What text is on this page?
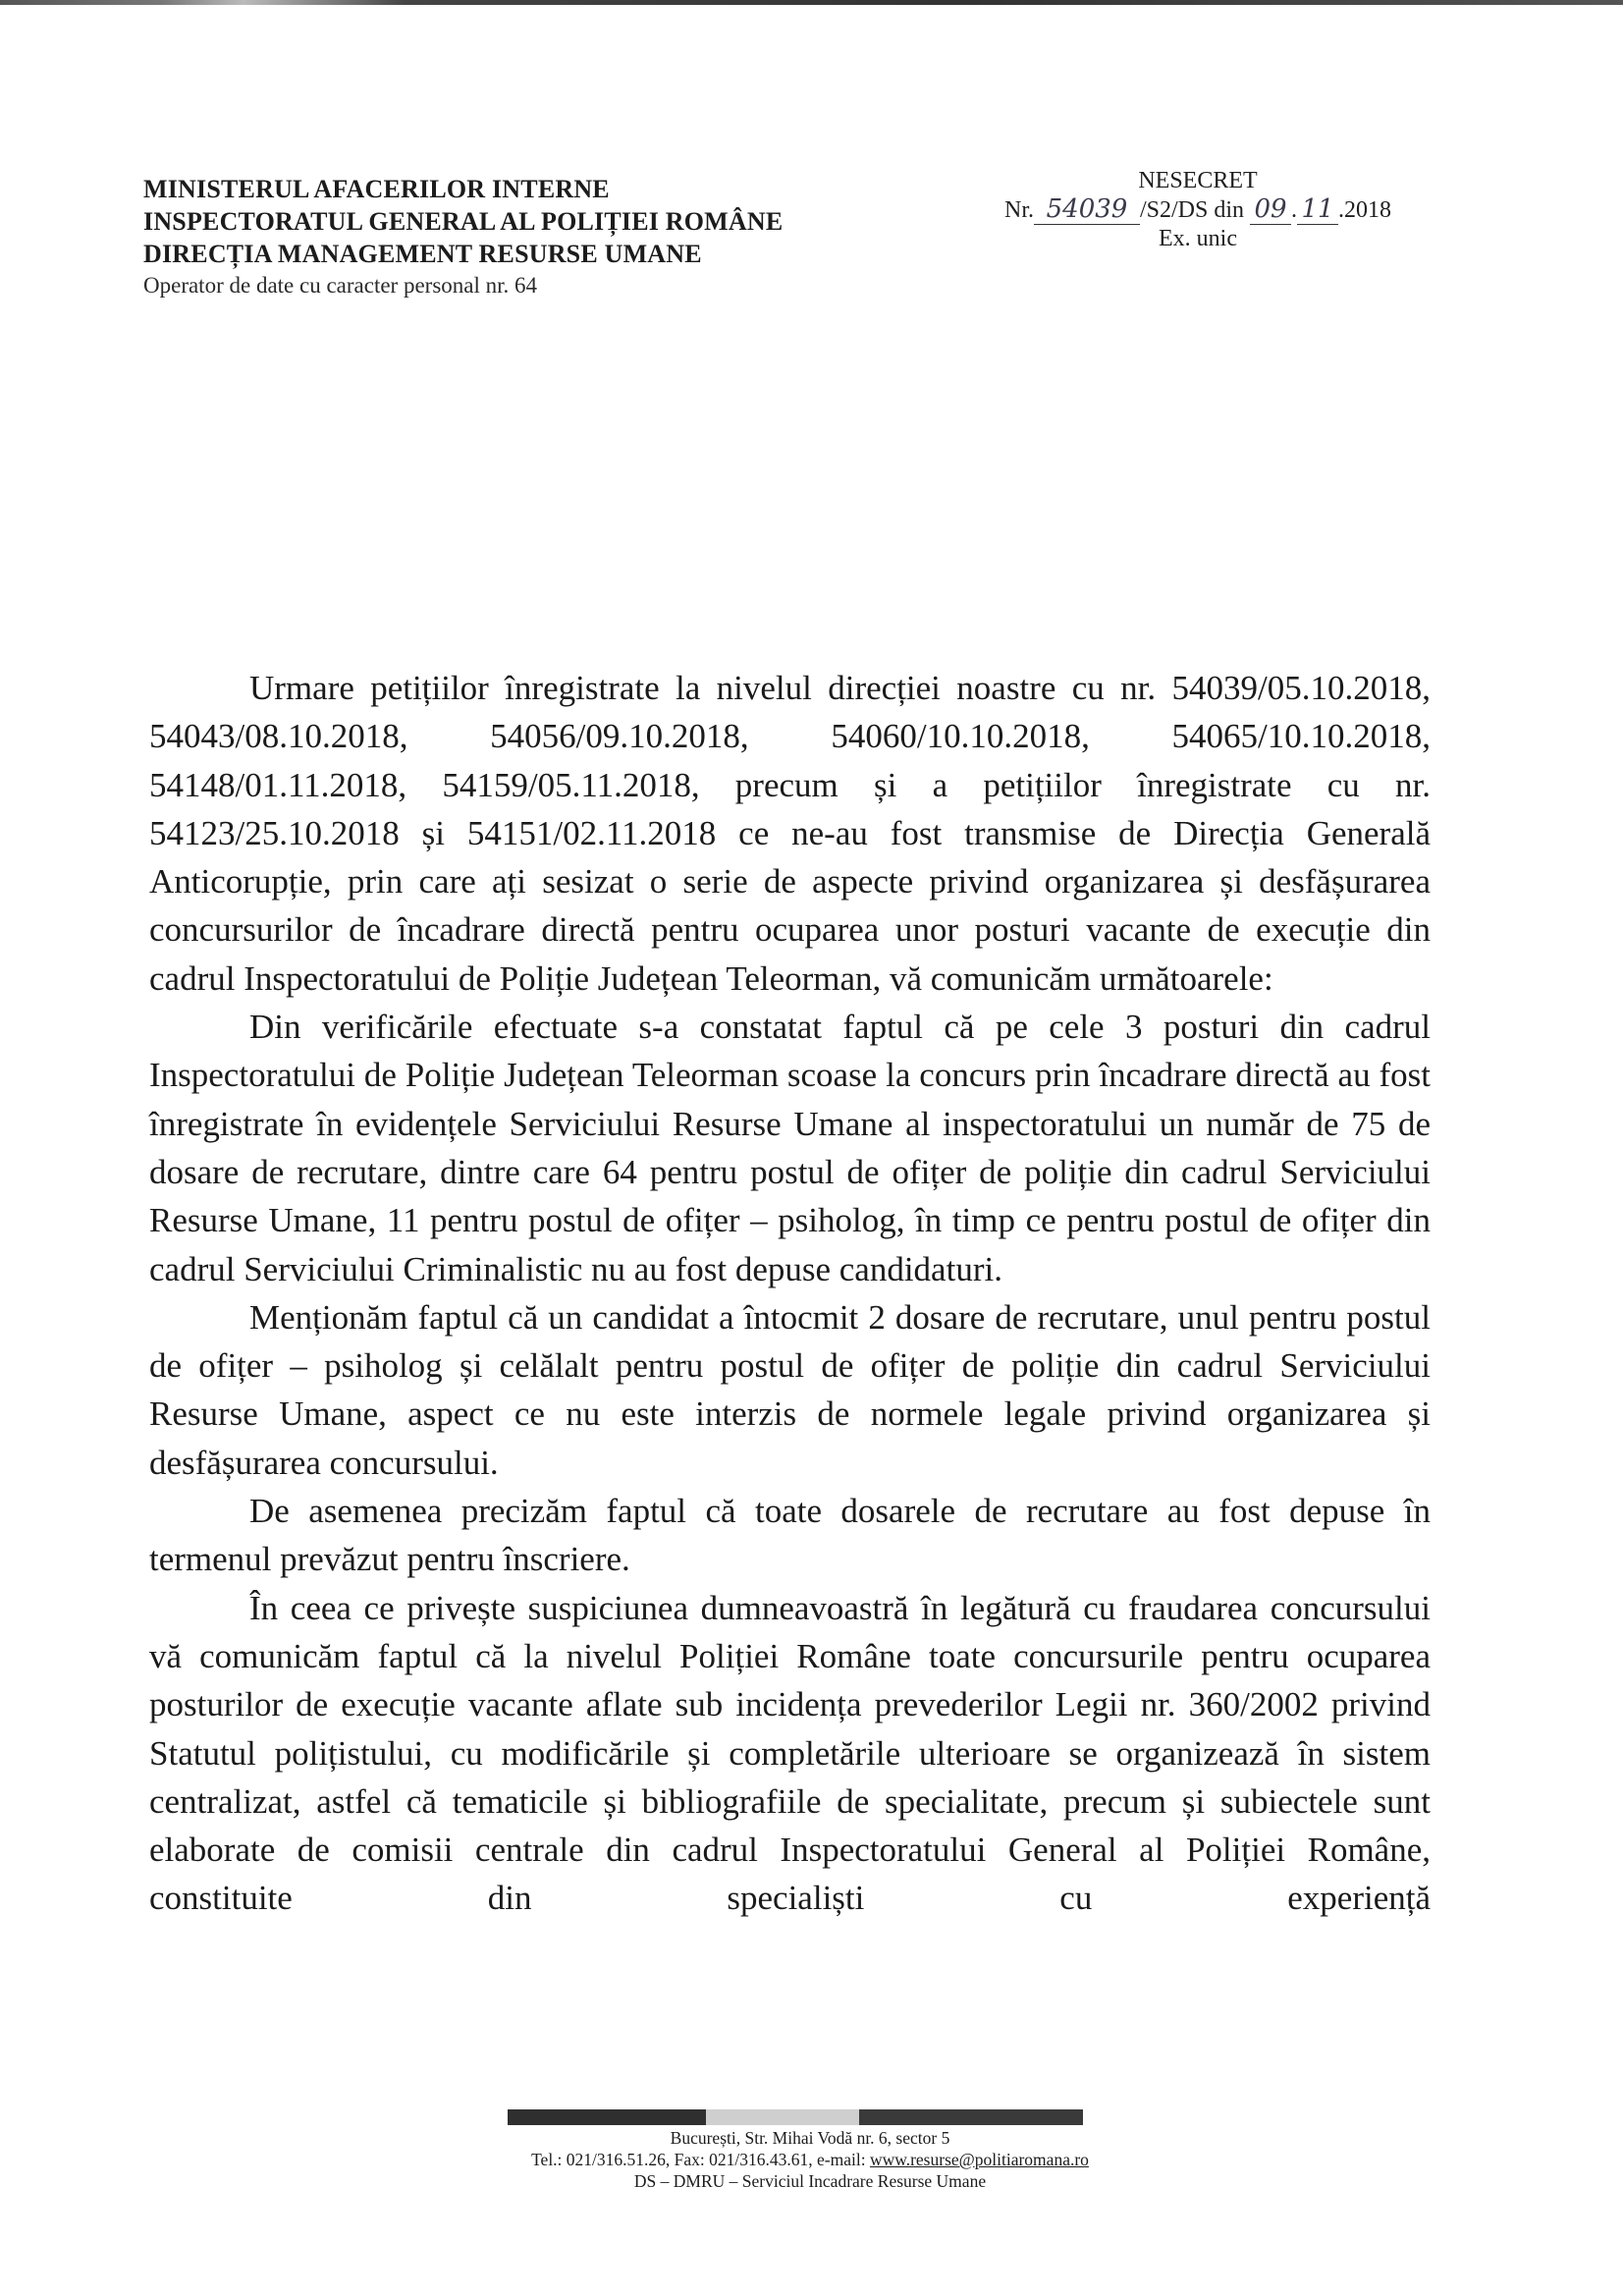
MINISTERUL AFACERILOR INTERNE
INSPECTORATUL GENERAL AL POLIȚIEI ROMÂNE
DIRECȚIA MANAGEMENT RESURSE UMANE
Operator de date cu caracter personal nr. 64
NESECRET
Nr. 54039 /S2/DS din 09 . 11 .2018
Ex. unic

Urmare petițiilor înregistrate la nivelul direcției noastre cu nr. 54039/05.10.2018, 54043/08.10.2018, 54056/09.10.2018, 54060/10.10.2018, 54065/10.10.2018, 54148/01.11.2018, 54159/05.11.2018, precum și a petițiilor înregistrate cu nr. 54123/25.10.2018 și 54151/02.11.2018 ce ne-au fost transmise de Direcția Generală Anticorupție, prin care ați sesizat o serie de aspecte privind organizarea și desfășurarea concursurilor de încadrare directă pentru ocuparea unor posturi vacante de execuție din cadrul Inspectoratului de Poliție Județean Teleorman, vă comunicăm următoarele:

Din verificările efectuate s-a constatat faptul că pe cele 3 posturi din cadrul Inspectoratului de Poliție Județean Teleorman scoase la concurs prin încadrare directă au fost înregistrate în evidențele Serviciului Resurse Umane al inspectoratului un număr de 75 de dosare de recrutare, dintre care 64 pentru postul de ofițer de poliție din cadrul Serviciului Resurse Umane, 11 pentru postul de ofițer – psiholog, în timp ce pentru postul de ofițer din cadrul Serviciului Criminalistic nu au fost depuse candidaturi.

Menționăm faptul că un candidat a întocmit 2 dosare de recrutare, unul pentru postul de ofițer – psiholog și celălalt pentru postul de ofițer de poliție din cadrul Serviciului Resurse Umane, aspect ce nu este interzis de normele legale privind organizarea și desfășurarea concursului.

De asemenea precizăm faptul că toate dosarele de recrutare au fost depuse în termenul prevăzut pentru înscriere.

În ceea ce privește suspiciunea dumneavoastră în legătură cu fraudarea concursului vă comunicăm faptul că la nivelul Poliției Române toate concursurile pentru ocuparea posturilor de execuție vacante aflate sub incidența prevederilor Legii nr. 360/2002 privind Statutul polițistului, cu modificările și completările ulterioare se organizează în sistem centralizat, astfel că tematicile și bibliografiile de specialitate, precum și subiectele sunt elaborate de comisii centrale din cadrul Inspectoratului General al Poliției Române, constituite din specialiști cu experiență

București, Str. Mihai Vodă nr. 6, sector 5
Tel.: 021/316.51.26, Fax: 021/316.43.61, e-mail: www.resurse@politiaromana.ro
DS – DMRU – Serviciul Incadrare Resurse Umane
